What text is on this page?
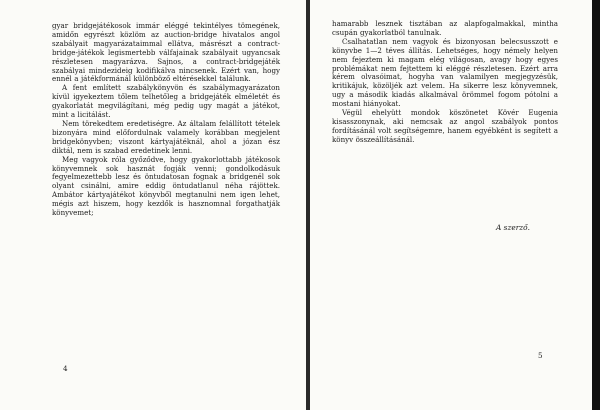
gyar bridgejátékosok immár eléggé tekintélyes tömegének, amidőn egyrészt közlöm az auction-bridge hivatalos angol szabályait magyarázataimmal ellátva, másrészt a contract-bridge-játékok legismertebb válfajainak szabályait ugyancsak részletesen magyarázva. Sajnos, a contract-bridgejáték szabályai mindezideig kodifikálva nincsenek. Ezért van, hogy ennél a játékformánál különböző eltérésekkel találunk.

A fent említett szabálykönyvön és szabálymagyarázaton kívül igyekeztem tőlem telhetőleg a bridgejáték elméletét és gyakorlatát megvilágítani, még pedig ugy magát a játékot, mint a licitálást.

Nem törekedtem eredetiségre. Az általam felállított tételek bizonyára mind előfordulnak valamely korábban megjelent bridgekönyvben; viszont kártyajátéknál, ahol a józan ész diktál, nem is szabad eredetinek lenni.

Meg vagyok róla győződve, hogy gyakorlottabb játékosok könyvemnek sok hasznát fogják venni; gondolkodásuk fegyelmezettebb lesz és öntudatosan fognak a bridgenél sok olyant csinálni, amire eddig öntudatlanul néha rájöttek. Ambátor kártyajátékot könyvből megtanulni nem igen lehet, mégis azt hiszem, hogy kezdők is hasznomnal forgathatják könyvemet;

4

hamarabb lesznek tisztában az alapfogalmakkal, mintha csupán gyakorlatból tanulnak.

Csalhatatlan nem vagyok és bizonyosan belecsusszott e könyvbe 1—2 téves állítás. Lehetséges, hogy némely helyen nem fejeztem ki magam elég világosan, avagy hogy egyes problémákat nem fejtettem ki eléggé részletesen. Ezért arra kérem olvasóimat, hogyha van valamilyen megjegyzésük, kritikájuk, közöljék azt velem. Ha sikerre lesz könyvemnek, ugy a második kiadás alkalmával örömmel fogom pótolni a mostani hiányokat.

Végül ehelyütt mondok köszönetet Kövér Eugenia kisasszonynak, aki nemcsak az angol szabályok pontos fordításánál volt segítségemre, hanem egyébként is segített a könyv összeállításánál.

A szerző.
5
